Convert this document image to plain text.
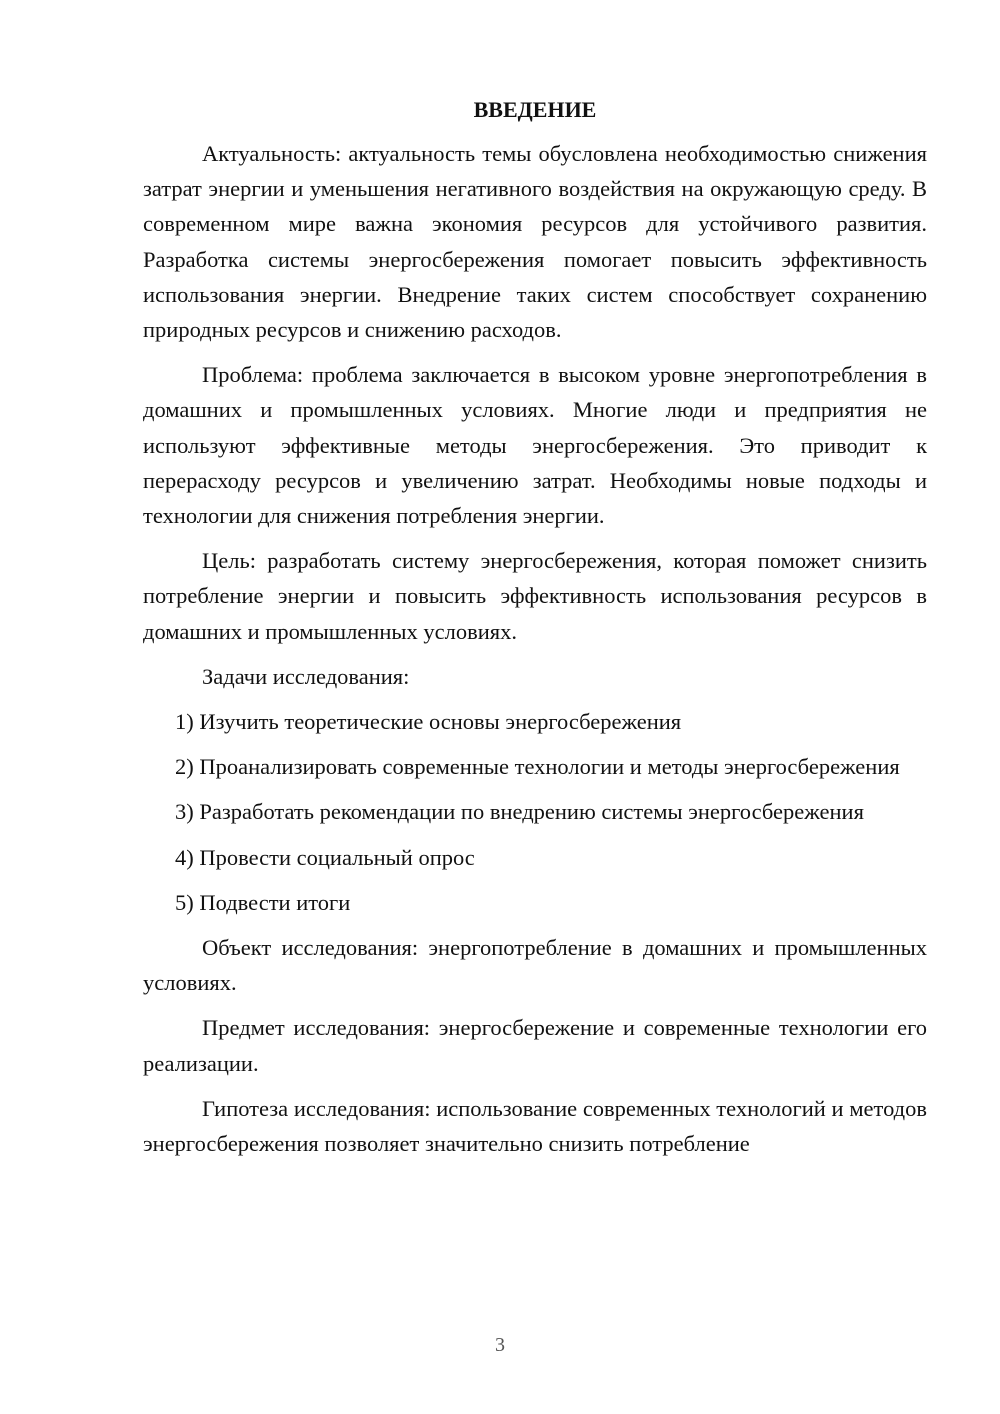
ВВЕДЕНИЕ

Актуальность: актуальность темы обусловлена необходимостью снижения затрат энергии и уменьшения негативного воздействия на окружающую среду. В современном мире важна экономия ресурсов для устойчивого развития. Разработка системы энергосбережения помогает повысить эффективность использования энергии. Внедрение таких систем способствует сохранению природных ресурсов и снижению расходов.

Проблема: проблема заключается в высоком уровне энергопотребления в домашних и промышленных условиях. Многие люди и предприятия не используют эффективные методы энергосбережения. Это приводит к перерасходу ресурсов и увеличению затрат. Необходимы новые подходы и технологии для снижения потребления энергии.

Цель: разработать систему энергосбережения, которая поможет снизить потребление энергии и повысить эффективность использования ресурсов в домашних и промышленных условиях.

Задачи исследования:

1) Изучить теоретические основы энергосбережения

2) Проанализировать современные технологии и методы энергосбережения

3) Разработать рекомендации по внедрению системы энергосбережения

4) Провести социальный опрос

5) Подвести итоги

Объект исследования: энергопотребление в домашних и промышленных условиях.

Предмет исследования: энергосбережение и современные технологии его реализации.

Гипотеза исследования: использование современных технологий и методов энергосбережения позволяет значительно снизить потребление

3
